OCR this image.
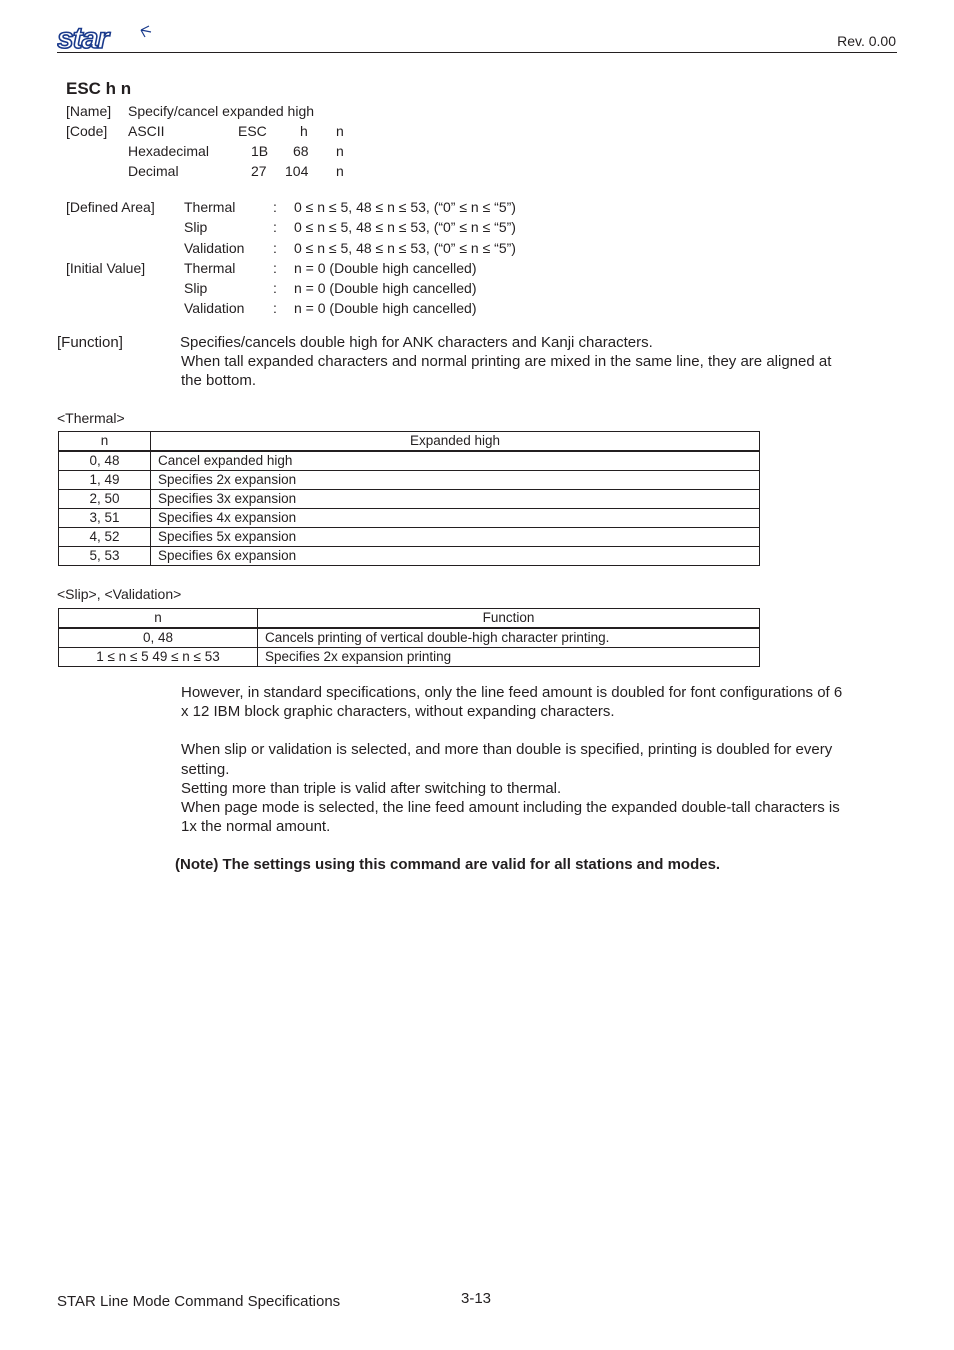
star	Rev. 0.00
ESC h n
[Name] Specify/cancel expanded high
[Code] ASCII	ESC h n
Hexadecimal	1B 68 n
Decimal	27 104 n
[Defined Area] Thermal	: 0 ≤ n ≤ 5, 48 ≤ n ≤ 53, (“0” ≤ n ≤ “5”)
Slip	: 0 ≤ n ≤ 5, 48 ≤ n ≤ 53, (“0” ≤ n ≤ “5”)
Validation : 0 ≤ n ≤ 5, 48 ≤ n ≤ 53, (“0” ≤ n ≤ “5”)
[Initial Value]	Thermal	: n = 0 (Double high cancelled)
Slip	: n = 0 (Double high cancelled)
Validation : n = 0 (Double high cancelled)
[Function]	Specifies/cancels double high for ANK characters and Kanji characters.
When tall expanded characters and normal printing are mixed in the same line, they are aligned at
the bottom.
<Thermal>
n	Expanded high
0, 48	Cancel expanded high
1, 49	Specifies 2x expansion
2, 50	Specifies 3x expansion
3, 51	Specifies 4x expansion
4, 52	Specifies 5x expansion
5, 53	Specifies 6x expansion
<Slip>, <Validation>
n	Function
0, 48	Cancels printing of vertical double-high character printing.
1 ≤ n ≤ 5 49 ≤ n ≤ 53	Specifies 2x expansion printing
However, in standard specifications, only the line feed amount is doubled for font configurations of 6
x 12 IBM block graphic characters, without expanding characters.
When slip or validation is selected, and more than double is specified, printing is doubled for every
setting.
Setting more than triple is valid after switching to thermal.
When page mode is selected, the line feed amount including the expanded double-tall characters is
1x the normal amount.
(Note) The settings using this command are valid for all stations and modes.
STAR Line Mode Command Specifications	3-13
